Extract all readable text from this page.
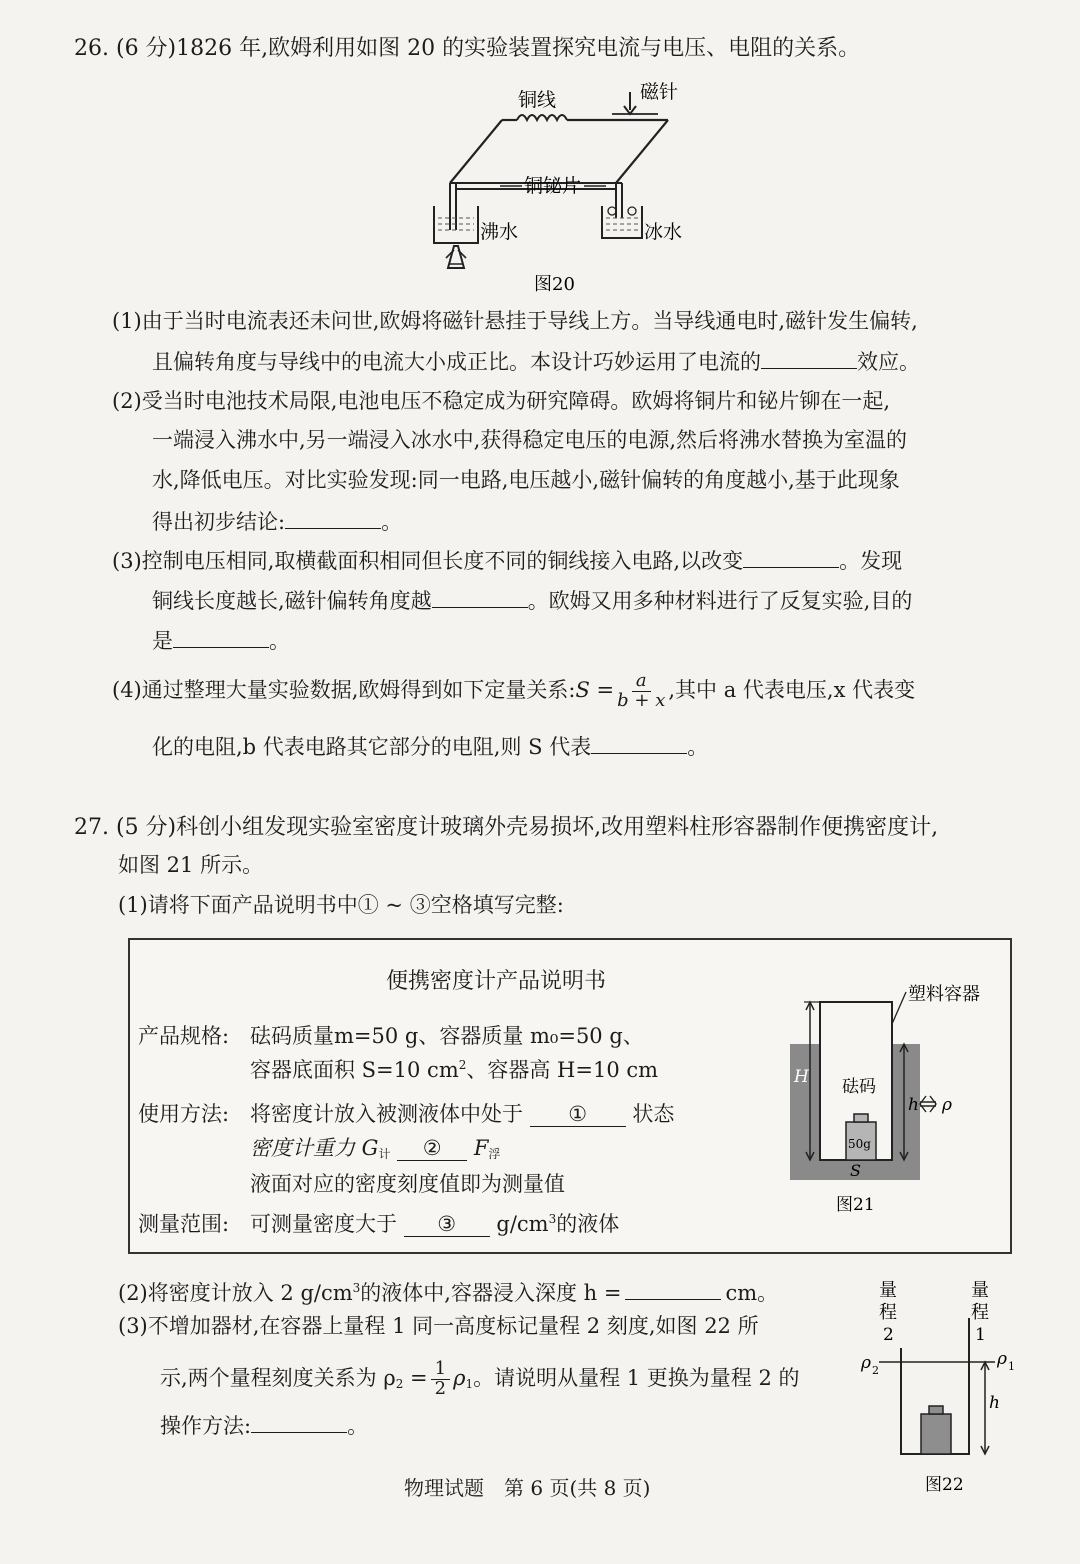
26. (6 分)1826 年,欧姆利用如图 20 的实验装置探究电流与电压、电阻的关系。
铜线	磁针
铜铋片
沸水	冰水
图20
(1)由于当时电流表还未问世,欧姆将磁针悬挂于导线上方。当导线通电时,磁针发生偏转,
且偏转角度与导线中的电流大小成正比。本设计巧妙运用了电流的	效应。
(2)受当时电池技术局限,电池电压不稳定成为研究障碍。欧姆将铜片和铋片铆在一起,
一端浸入沸水中,另一端浸入冰水中,获得稳定电压的电源,然后将沸水替换为室温的
水,降低电压。对比实验发现:同一电路,电压越小,磁针偏转的角度越小,基于此现象
得出初步结论:	。
(3)控制电压相同,取横截面积相同但长度不同的铜线接入电路,以改变	。发现
铜线长度越长,磁针偏转角度越	。欧姆又用多种材料进行了反复实验,目的
是	。
(4)通过整理大量实验数据,欧姆得到如下定量关系:S = $\frac{a}{b + x}$ ,其中 a 代表电压,x 代表变
化的电阻,b 代表电路其它部分的电阻,则 S 代表	。
27. (5 分)科创小组发现实验室密度计玻璃外壳易损坏,改用塑料柱形容器制作便携密度计,
如图 21 所示。
(1)请将下面产品说明书中① ~ ③空格填写完整:
便携密度计产品说明书
产品规格: 砝码质量m=50 g、容器质量 m₀=50 g、
容器底面积 S=10 $cm^2$、容器高 H=10 cm
使用方法: 将密度计放入被测液体中处于 ① 状态
密度计重力 $G_计$ ② $F_浮$
液面对应的密度刻度值即为测量值
测量范围: 可测量密度大于 ③ $g/cm^3$的液体
塑料容器
H 砝码
50g
h ρ
S
图21
(2)将密度计放入 2 $g/cm^3$的液体中,容器浸入深度 h =	cm。
(3)不增加器材,在容器上量程 1 同一高度标记量程 2 刻度,如图 22 所
示,两个量程刻度关系为 $\rho_2 = \frac{1}{2} \rho_1$。请说明从量程 1 更换为量程 2 的
操作方法:	。
量
程
2
量
程
1
ρ 2
ρ 1
h
图22
物理试题　第 6 页(共 8 页)
